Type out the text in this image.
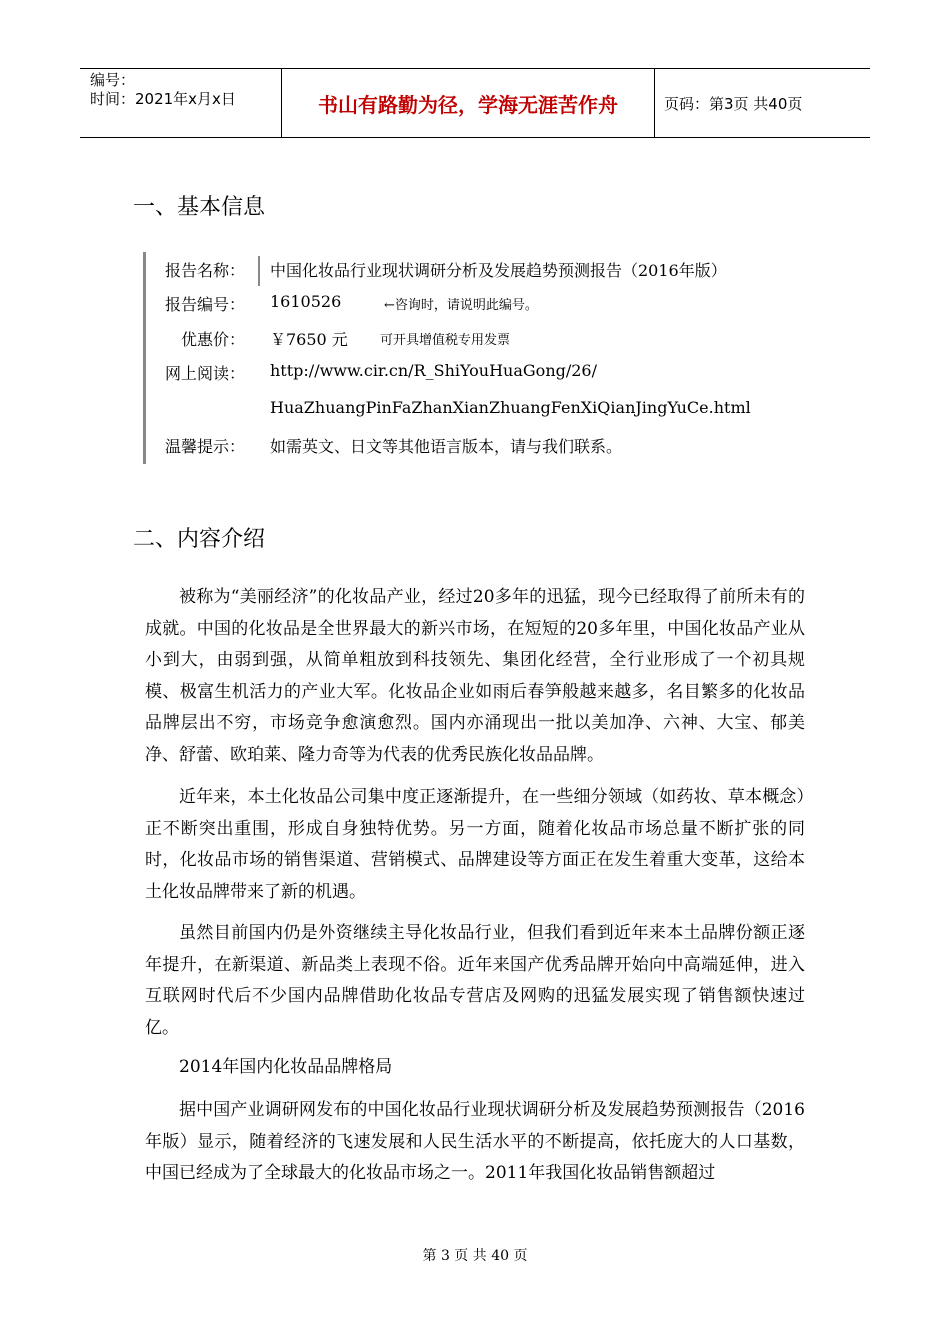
编号：
时间：2021年x月x日	书山有路勤为径，学海无涯苦作舟	页码：第3页 共40页
一、基本信息
报告名称： 中国化妆品行业现状调研分析及发展趋势预测报告（2016年版）
报告编号： 1610526	←咨询时，请说明此编号。
优惠价： ￥7650 元 可开具增值税专用发票
网上阅读： http://www.cir.cn/R_ShiYouHuaGong/26/
HuaZhuangPinFaZhanXianZhuangFenXiQianJingYuCe.html
温馨提示： 如需英文、日文等其他语言版本，请与我们联系。
二、内容介绍

被称为“美丽经济”的化妆品产业，经过20多年的迅猛，现今已经取得了前所未有的成就。中国的化妆品是全世界最大的新兴市场，在短短的20多年里，中国化妆品产业从小到大，由弱到强，从简单粗放到科技领先、集团化经营，全行业形成了一个初具规模、极富生机活力的产业大军。化妆品企业如雨后春笋般越来越多，名目繁多的化妆品品牌层出不穷，市场竞争愈演愈烈。国内亦涌现出一批以美加净、六神、大宝、郁美净、舒蕾、欧珀莱、隆力奇等为代表的优秀民族化妆品品牌。

近年来，本土化妆品公司集中度正逐渐提升，在一些细分领域（如药妆、草本概念）正不断突出重围，形成自身独特优势。另一方面，随着化妆品市场总量不断扩张的同时，化妆品市场的销售渠道、营销模式、品牌建设等方面正在发生着重大变革，这给本土化妆品牌带来了新的机遇。

虽然目前国内仍是外资继续主导化妆品行业，但我们看到近年来本土品牌份额正逐年提升，在新渠道、新品类上表现不俗。近年来国产优秀品牌开始向中高端延伸，进入互联网时代后不少国内品牌借助化妆品专营店及网购的迅猛发展实现了销售额快速过亿。

2014年国内化妆品品牌格局

据中国产业调研网发布的中国化妆品行业现状调研分析及发展趋势预测报告（2016年版）显示，随着经济的飞速发展和人民生活水平的不断提高，依托庞大的人口基数，中国已经成为了全球最大的化妆品市场之一。2011年我国化妆品销售额超过

第 3 页 共 40 页
